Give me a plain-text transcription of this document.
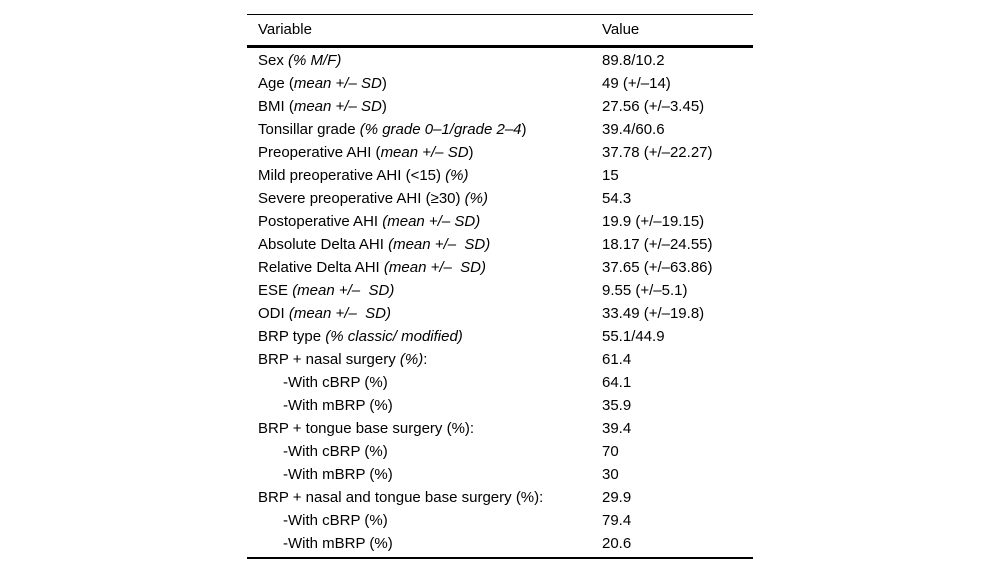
Variable	Value
Sex (% M/F)	89.8/10.2
Age (mean +/– SD)	49 (+/–14)
BMI (mean +/– SD)	27.56 (+/–3.45)
Tonsillar grade (% grade 0–1/grade 2–4)	39.4/60.6
Preoperative AHI (mean +/– SD)	37.78 (+/–22.27)
Mild preoperative AHI (<15) (%)	15
Severe preoperative AHI (≥30) (%)	54.3
Postoperative AHI (mean +/– SD)	19.9 (+/–19.15)
Absolute Delta AHI (mean +/–  SD)	18.17 (+/–24.55)
Relative Delta AHI (mean +/–  SD)	37.65 (+/–63.86)
ESE (mean +/–  SD)	9.55 (+/–5.1)
ODI (mean +/–  SD)	33.49 (+/–19.8)
BRP type (% classic/ modified)	55.1/44.9
BRP + nasal surgery (%):	61.4
-With cBRP (%)	64.1
-With mBRP (%)	35.9
BRP + tongue base surgery (%):	39.4
-With cBRP (%)	70
-With mBRP (%)	30
BRP + nasal and tongue base surgery (%):	29.9
-With cBRP (%)	79.4
-With mBRP (%)	20.6
